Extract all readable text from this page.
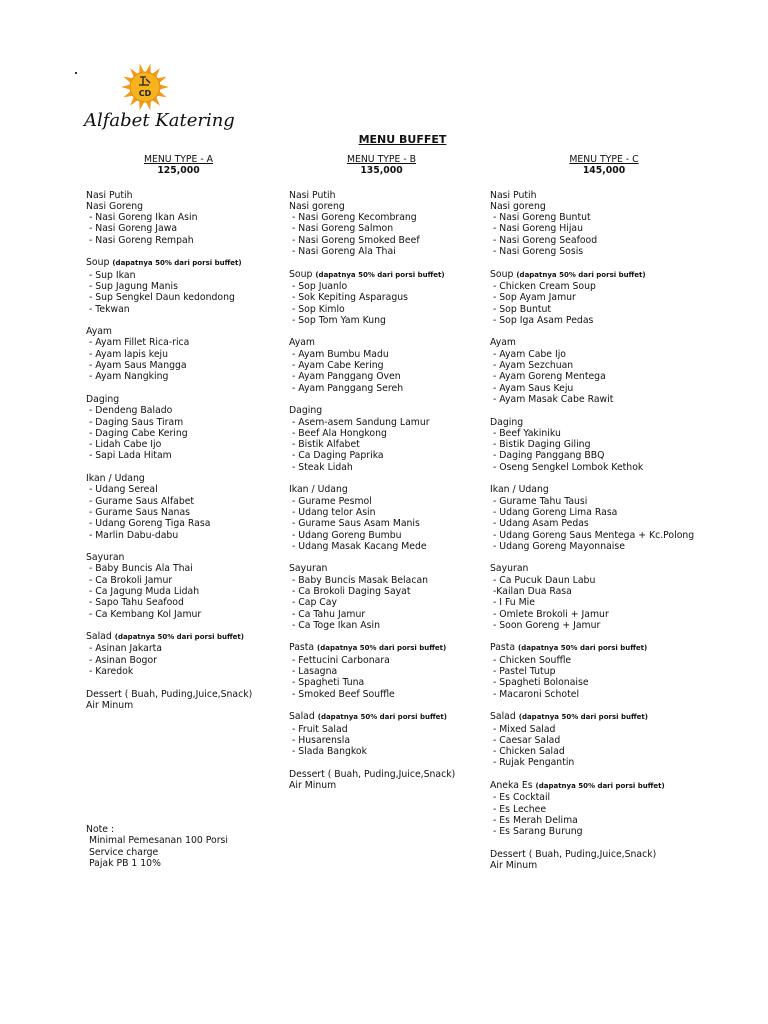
CD
Alfabet Katering
MENU BUFFET
MENU TYPE - A
125,000
Nasi Putih
Nasi Goreng
- Nasi Goreng Ikan Asin
- Nasi Goreng Jawa
- Nasi Goreng Rempah
Soup (dapatnya 50% dari porsi buffet)
- Sup Ikan
- Sup Jagung Manis
- Sup Sengkel Daun kedondong
- Tekwan
Ayam
- Ayam Fillet Rica-rica
- Ayam lapis keju
- Ayam Saus Mangga
- Ayam Nangking
Daging
- Dendeng Balado
- Daging Saus Tiram
- Daging Cabe Kering
- Lidah Cabe Ijo
- Sapi Lada Hitam
Ikan / Udang
- Udang Sereal
- Gurame Saus Alfabet
- Gurame Saus Nanas
- Udang Goreng Tiga Rasa
- Marlin Dabu-dabu
Sayuran
- Baby Buncis Ala Thai
- Ca Brokoli Jamur
- Ca Jagung Muda Lidah
- Sapo Tahu Seafood
- Ca Kembang Kol Jamur
Salad (dapatnya 50% dari porsi buffet)
- Asinan Jakarta
- Asinan Bogor
- Karedok
Dessert ( Buah, Puding,Juice,Snack)
Air Minum
MENU TYPE - B
135,000
Nasi Putih
Nasi goreng
- Nasi Goreng Kecombrang
- Nasi Goreng Salmon
- Nasi Goreng Smoked Beef
- Nasi Goreng Ala Thai
Soup (dapatnya 50% dari porsi buffet)
- Sop Juanlo
- Sok Kepiting Asparagus
- Sop Kimlo
- Sop Tom Yam Kung
Ayam
- Ayam Bumbu Madu
- Ayam Cabe Kering
- Ayam Panggang Oven
- Ayam Panggang Sereh
Daging
- Asem-asem Sandung Lamur
- Beef Ala Hongkong
- Bistik Alfabet
- Ca Daging Paprika
- Steak Lidah
Ikan / Udang
- Gurame Pesmol
- Udang telor Asin
- Gurame Saus Asam Manis
- Udang Goreng Bumbu
- Udang Masak Kacang Mede
Sayuran
- Baby Buncis Masak Belacan
- Ca Brokoli Daging Sayat
- Cap Cay
- Ca Tahu Jamur
- Ca Toge Ikan Asin
Pasta (dapatnya 50% dari porsi buffet)
- Fettucini Carbonara
- Lasagna
- Spagheti Tuna
- Smoked Beef Souffle
Salad (dapatnya 50% dari porsi buffet)
- Fruit Salad
- Husarensla
- Slada Bangkok
Dessert ( Buah, Puding,Juice,Snack)
Air Minum
MENU TYPE - C
145,000
Nasi Putih
Nasi goreng
- Nasi Goreng Buntut
- Nasi Goreng Hijau
- Nasi Goreng Seafood
- Nasi Goreng Sosis
Soup (dapatnya 50% dari porsi buffet)
- Chicken Cream Soup
- Sop Ayam Jamur
- Sop Buntut
- Sop Iga Asam Pedas
Ayam
- Ayam Cabe Ijo
- Ayam Sezchuan
- Ayam Goreng Mentega
- Ayam Saus Keju
- Ayam Masak Cabe Rawit
Daging
- Beef Yakiniku
- Bistik Daging Giling
- Daging Panggang BBQ
- Oseng Sengkel Lombok Kethok
Ikan / Udang
- Gurame Tahu Tausi
- Udang Goreng Lima Rasa
- Udang Asam Pedas
- Udang Goreng Saus Mentega + Kc.Polong
- Udang Goreng Mayonnaise
Sayuran
- Ca Pucuk Daun Labu
-Kailan Dua Rasa
- I Fu Mie
- Omlete Brokoli + Jamur
- Soon Goreng + Jamur
Pasta (dapatnya 50% dari porsi buffet)
- Chicken Souffle
- Pastel Tutup
- Spagheti Bolonaise
- Macaroni Schotel
Salad (dapatnya 50% dari porsi buffet)
- Mixed Salad
- Caesar Salad
- Chicken Salad
- Rujak Pengantin
Aneka Es (dapatnya 50% dari porsi buffet)
- Es Cocktail
- Es Lechee
- Es Merah Delima
- Es Sarang Burung
Dessert ( Buah, Puding,Juice,Snack)
Air Minum
Note :
Minimal Pemesanan 100 Porsi
Service charge
Pajak PB 1 10%
